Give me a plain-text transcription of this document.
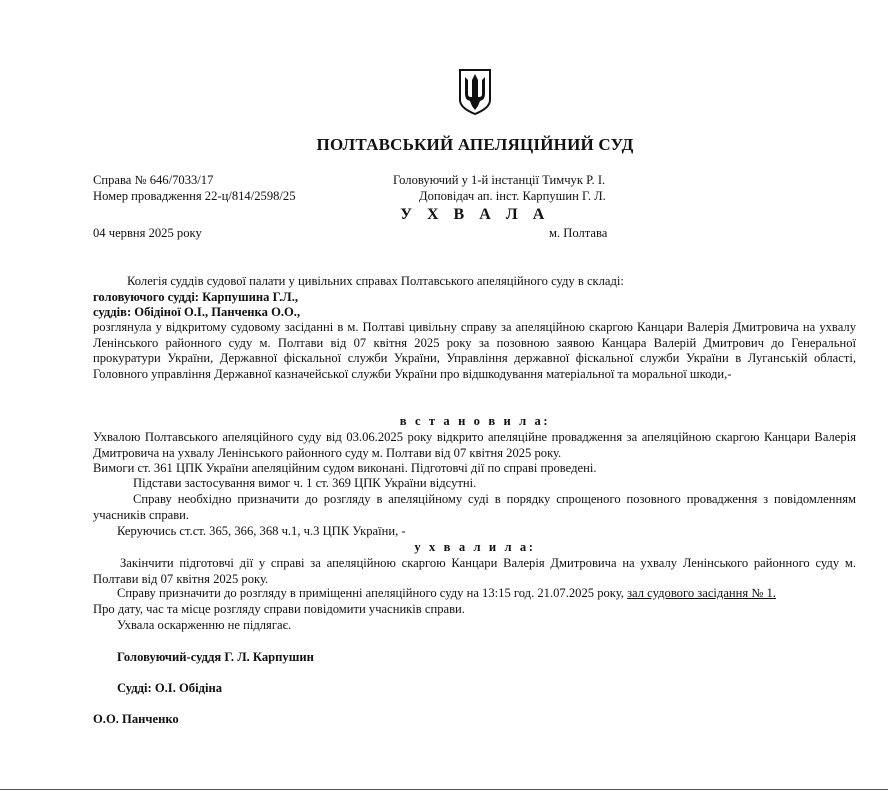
ПОЛТАВСЬКИЙ АПЕЛЯЦІЙНИЙ СУД
Справа № 646/7033/17
Номер провадження 22-ц/814/2598/25
Головуючий у 1-й інстанції Тимчук Р. І.
Доповідач ап. інст. Карпушин Г. Л.
У Х В А Л А
04 червня 2025 року	м. Полтава
Колегія суддів судової палати у цивільних справах Полтавського апеляційного суду в складі:
головуючого судді: Карпушина Г.Л.,
суддів: Обідіної О.І., Панченка О.О.,
розглянула у відкритому судовому засіданні в м. Полтаві цивільну справу за апеляційною скаргою Канцари Валерія Дмитровича на ухвалу Ленінського районного суду м. Полтави від 07 квітня 2025 року за позовною заявою Канцара Валерій Дмитрович до Генеральної прокуратури України, Державної фіскальної служби України, Управління державної фіскальної служби України в Луганській області, Головного управління Державної казначейської служби України про відшкодування матеріальної та моральної шкоди,-
в с т а н о в и л а:
Ухвалою Полтавського апеляційного суду від 03.06.2025 року відкрито апеляційне провадження за апеляційною скаргою Канцари Валерія Дмитровича на ухвалу Ленінського районного суду м. Полтави від 07 квітня 2025 року.
Вимоги ст. 361 ЦПК України апеляційним судом виконані. Підготовчі дії по справі проведені.
Підстави застосування вимог ч. 1 ст. 369 ЦПК України відсутні.
Справу необхідно призначити до розгляду в апеляційному суді в порядку спрощеного позовного провадження з повідомленням учасників справи.
Керуючись ст.ст. 365, 366, 368 ч.1, ч.3 ЦПК України, -
у х в а л и л а:
Закінчити підготовчі дії у справі за апеляційною скаргою Канцари Валерія Дмитровича на ухвалу Ленінського районного суду м. Полтави від 07 квітня 2025 року.
Справу призначити до розгляду в приміщенні апеляційного суду на 13:15 год. 21.07.2025 року, зал судового засідання № 1.
Про дату, час та місце розгляду справи повідомити учасників справи.
Ухвала оскарженню не підлягає.
Головуючий-суддя Г. Л. Карпушин
Судді: О.І. Обідіна
О.О. Панченко
